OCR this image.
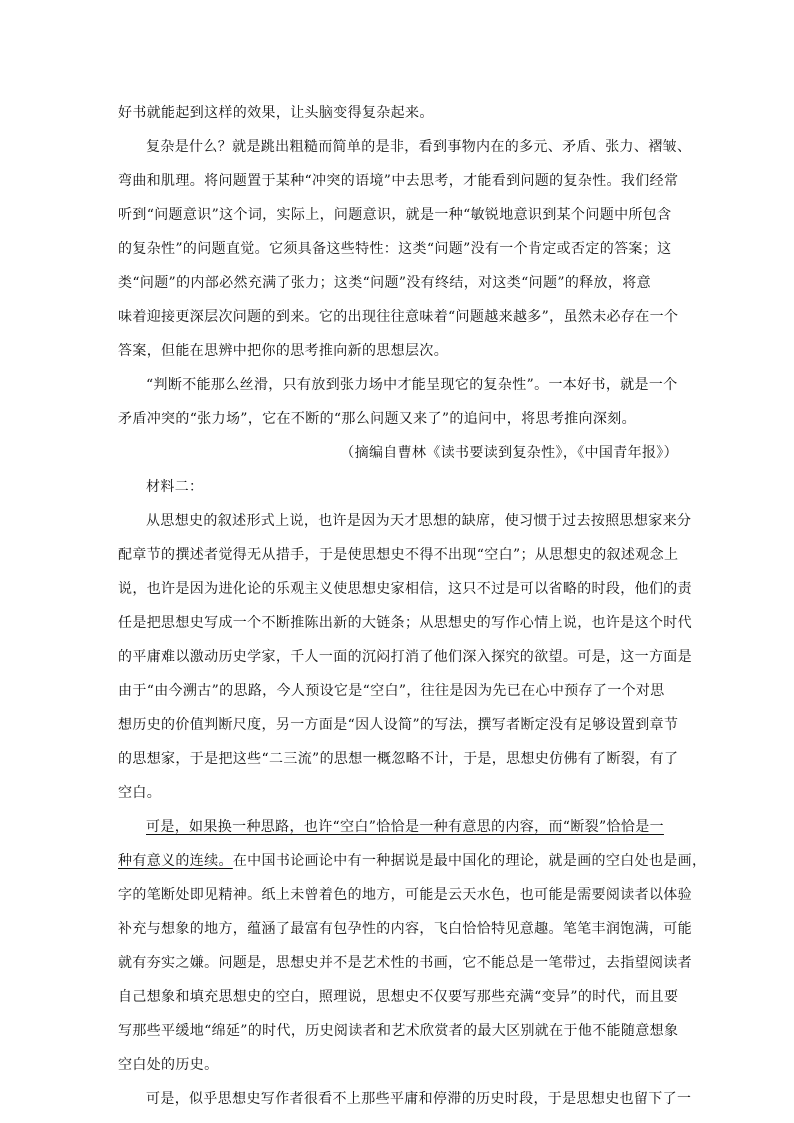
好书就能起到这样的效果，让头脑变得复杂起来。
复杂是什么？就是跳出粗糙而简单的是非，看到事物内在的多元、矛盾、张力、褶皱、
弯曲和肌理。将问题置于某种“冲突的语境”中去思考，才能看到问题的复杂性。我们经常
听到“问题意识”这个词，实际上，问题意识，就是一种“敏锐地意识到某个问题中所包含
的复杂性”的问题直觉。它须具备这些特性：这类“问题”没有一个肯定或否定的答案；这
类“问题”的内部必然充满了张力；这类“问题”没有终结，对这类“问题”的释放，将意
味着迎接更深层次问题的到来。它的出现往往意味着“问题越来越多”，虽然未必存在一个
答案，但能在思辨中把你的思考推向新的思想层次。
“判断不能那么丝滑，只有放到张力场中才能呈现它的复杂性”。一本好书，就是一个
矛盾冲突的“张力场”，它在不断的“那么问题又来了”的追问中，将思考推向深刻。
（摘编自曹林《读书要读到复杂性》，《中国青年报》）
材料二：
从思想史的叙述形式上说，也许是因为天才思想的缺席，使习惯于过去按照思想家来分
配章节的撰述者觉得无从措手，于是使思想史不得不出现“空白”；从思想史的叙述观念上
说，也许是因为进化论的乐观主义使思想史家相信，这只不过是可以省略的时段，他们的责
任是把思想史写成一个不断推陈出新的大链条；从思想史的写作心情上说，也许是这个时代
的平庸难以激动历史学家，千人一面的沉闷打消了他们深入探究的欲望。可是，这一方面是
由于“由今溯古”的思路，今人预设它是“空白”，往往是因为先已在心中预存了一个对思
想历史的价值判断尺度，另一方面是“因人设简”的写法，撰写者断定没有足够设置到章节
的思想家，于是把这些“二三流”的思想一概忽略不计，于是，思想史仿佛有了断裂，有了
空白。
可是，如果换一种思路，也许“空白”恰恰是一种有意思的内容，而“断裂”恰恰是一
种有意义的连续。在中国书论画论中有一种据说是最中国化的理论，就是画的空白处也是画，
字的笔断处即见精神。纸上未曾着色的地方，可能是云天水色，也可能是需要阅读者以体验
补充与想象的地方，蕴涵了最富有包孕性的内容，飞白恰恰特见意趣。笔笔丰润饱满，可能
就有夯实之嫌。问题是，思想史并不是艺术性的书画，它不能总是一笔带过，去指望阅读者
自己想象和填充思想史的空白，照理说，思想史不仅要写那些充满“变异”的时代，而且要
写那些平缓地“绵延”的时代，历史阅读者和艺术欣赏者的最大区别就在于他不能随意想象
空白处的历史。
可是，似乎思想史写作者很看不上那些平庸和停滞的历史时段，于是思想史也留下了一
